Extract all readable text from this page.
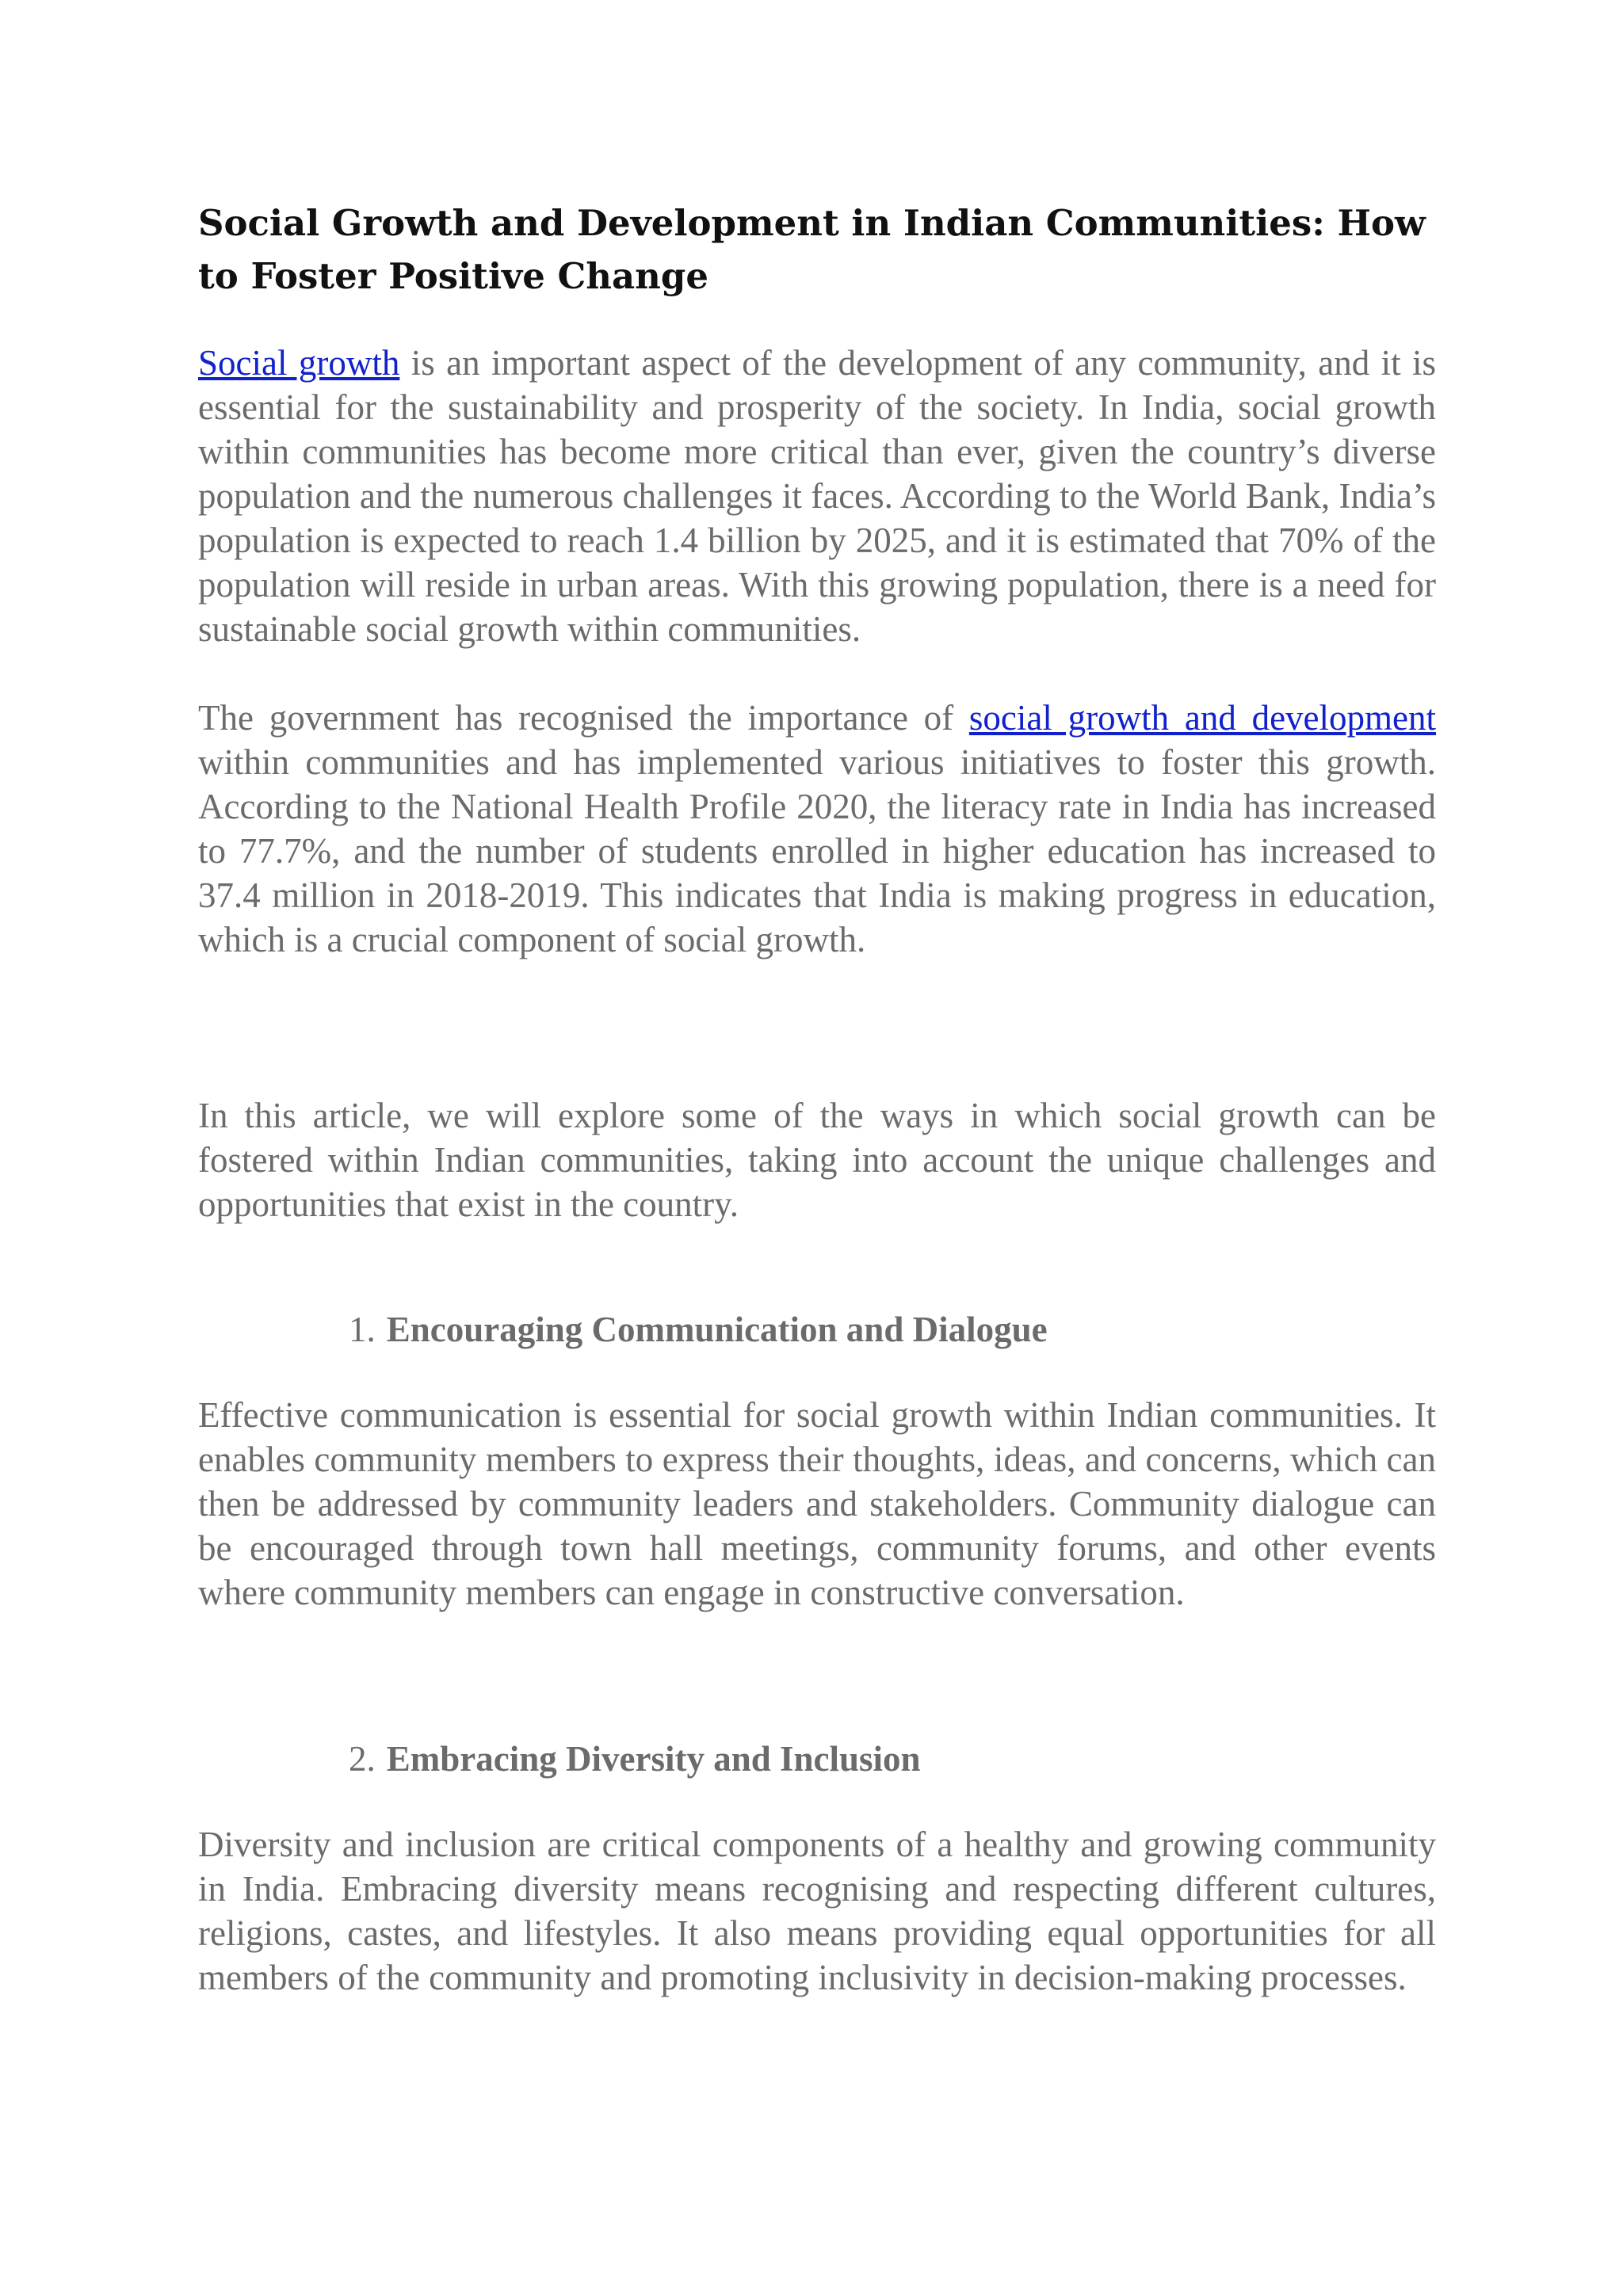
Social Growth and Development in Indian Communities: How to Foster Positive Change

Social growth is an important aspect of the development of any community, and it is essential for the sustainability and prosperity of the society. In India, social growth within communities has become more critical than ever, given the country’s diverse population and the numerous challenges it faces. According to the World Bank, India’s population is expected to reach 1.4 billion by 2025, and it is estimated that 70% of the population will reside in urban areas. With this growing population, there is a need for sustainable social growth within communities.

The government has recognised the importance of social growth and development within communities and has implemented various initiatives to foster this growth. According to the National Health Profile 2020, the literacy rate in India has increased to 77.7%, and the number of students enrolled in higher education has increased to 37.4 million in 2018-2019. This indicates that India is making progress in education, which is a crucial component of social growth.

In this article, we will explore some of the ways in which social growth can be fostered within Indian communities, taking into account the unique challenges and opportunities that exist in the country.

1. Encouraging Communication and Dialogue

Effective communication is essential for social growth within Indian communities. It enables community members to express their thoughts, ideas, and concerns, which can then be addressed by community leaders and stakeholders. Community dialogue can be encouraged through town hall meetings, community forums, and other events where community members can engage in constructive conversation.

2. Embracing Diversity and Inclusion

Diversity and inclusion are critical components of a healthy and growing community in India. Embracing diversity means recognising and respecting different cultures, religions, castes, and lifestyles. It also means providing equal opportunities for all members of the community and promoting inclusivity in decision-making processes.
